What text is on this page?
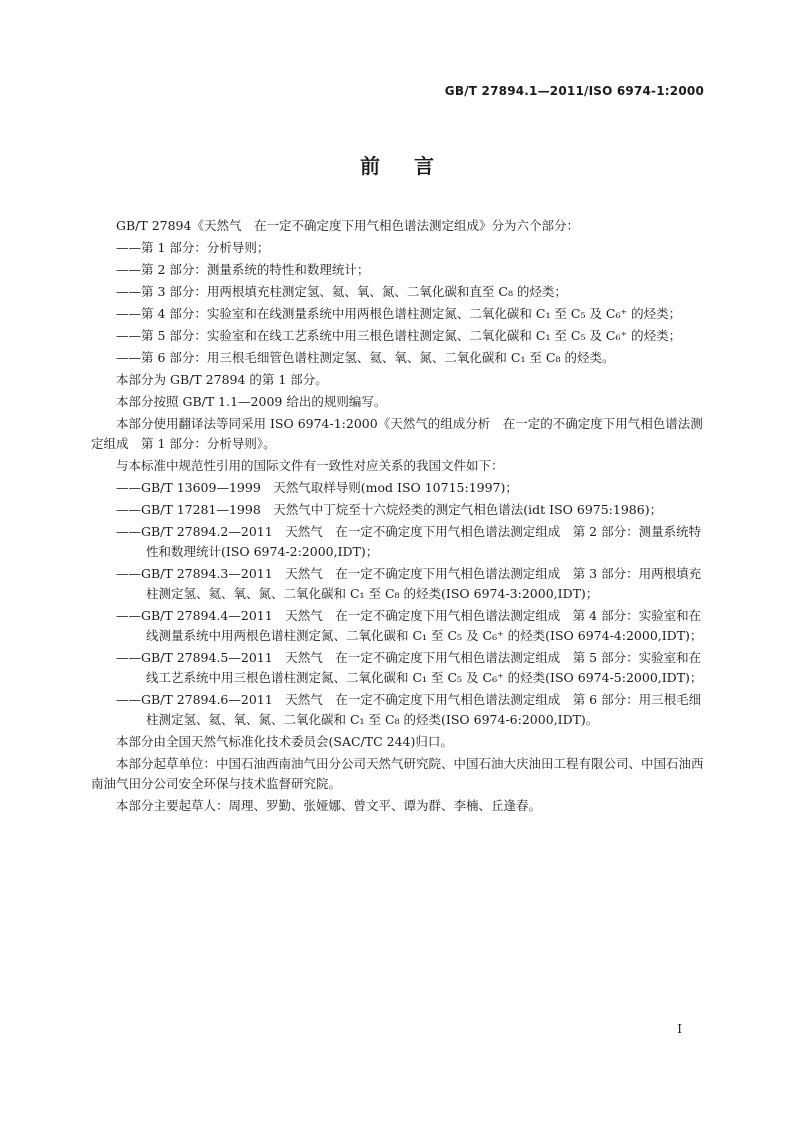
GB/T 27894.1—2011/ISO 6974-1:2000
前言

GB/T 27894《天然气　在一定不确定度下用气相色谱法测定组成》分为六个部分：

——第 1 部分：分析导则；

——第 2 部分：测量系统的特性和数理统计；

——第 3 部分：用两根填充柱测定氢、氦、氧、氮、二氧化碳和直至 C₈ 的烃类；

——第 4 部分：实验室和在线测量系统中用两根色谱柱测定氮、二氧化碳和 C₁ 至 C₅ 及 C₆⁺ 的烃类；

——第 5 部分：实验室和在线工艺系统中用三根色谱柱测定氮、二氧化碳和 C₁ 至 C₅ 及 C₆⁺ 的烃类；

——第 6 部分：用三根毛细管色谱柱测定氢、氦、氧、氮、二氧化碳和 C₁ 至 C₈ 的烃类。

本部分为 GB/T 27894 的第 1 部分。

本部分按照 GB/T 1.1—2009 给出的规则编写。

本部分使用翻译法等同采用 ISO 6974-1:2000《天然气的组成分析　在一定的不确定度下用气相色谱法测定组成　第 1 部分：分析导则》。

与本标准中规范性引用的国际文件有一致性对应关系的我国文件如下：

——GB/T 13609—1999　天然气取样导则(mod ISO 10715:1997)；

——GB/T 17281—1998　天然气中丁烷至十六烷烃类的测定气相色谱法(idt ISO 6975:1986)；

——GB/T 27894.2—2011　天然气　在一定不确定度下用气相色谱法测定组成　第 2 部分：测量系统特性和数理统计(ISO 6974-2:2000,IDT)；

——GB/T 27894.3—2011　天然气　在一定不确定度下用气相色谱法测定组成　第 3 部分：用两根填充柱测定氢、氦、氧、氮、二氧化碳和 C₁ 至 C₈ 的烃类(ISO 6974-3:2000,IDT)；

——GB/T 27894.4—2011　天然气　在一定不确定度下用气相色谱法测定组成　第 4 部分：实验室和在线测量系统中用两根色谱柱测定氮、二氧化碳和 C₁ 至 C₅ 及 C₆⁺ 的烃类(ISO 6974-4:2000,IDT)；

——GB/T 27894.5—2011　天然气　在一定不确定度下用气相色谱法测定组成　第 5 部分：实验室和在线工艺系统中用三根色谱柱测定氮、二氧化碳和 C₁ 至 C₅ 及 C₆⁺ 的烃类(ISO 6974-5:2000,IDT)；

——GB/T 27894.6—2011　天然气　在一定不确定度下用气相色谱法测定组成　第 6 部分：用三根毛细柱测定氢、氦、氧、氮、二氧化碳和 C₁ 至 C₈ 的烃类(ISO 6974-6:2000,IDT)。

本部分由全国天然气标准化技术委员会(SAC/TC 244)归口。

本部分起草单位：中国石油西南油气田分公司天然气研究院、中国石油大庆油田工程有限公司、中国石油西南油气田分公司安全环保与技术监督研究院。

本部分主要起草人：周理、罗勤、张娅娜、曾文平、谭为群、李楠、丘逢春。

I
